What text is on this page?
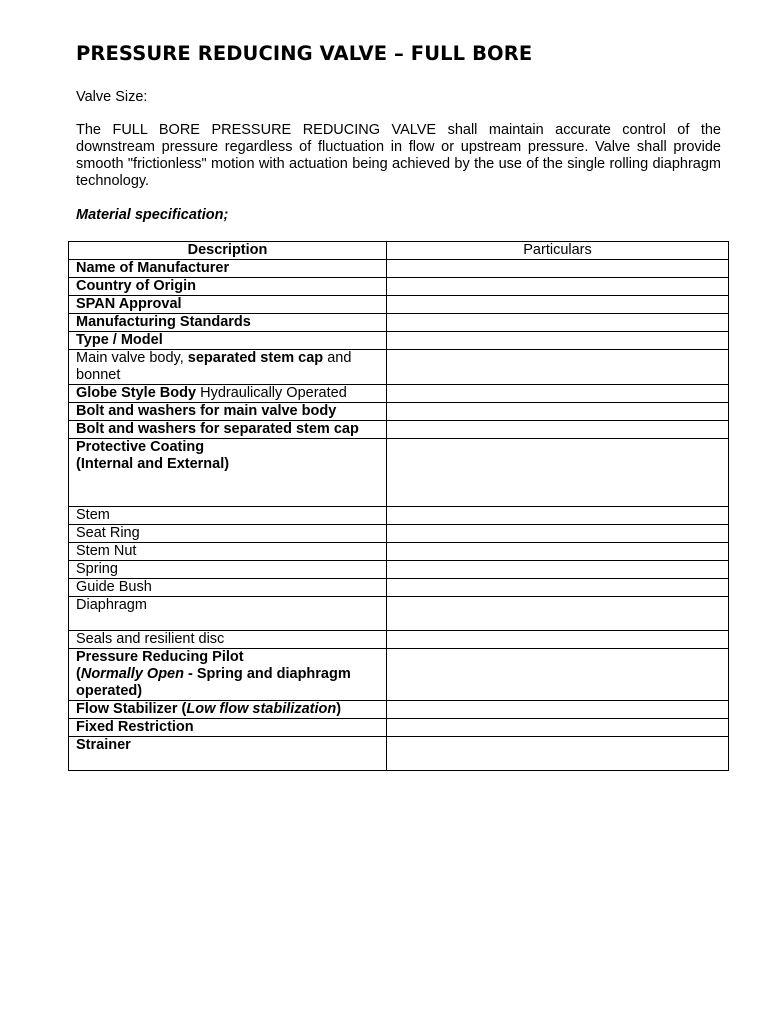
PRESSURE REDUCING VALVE – FULL BORE
Valve Size:

The FULL BORE PRESSURE REDUCING VALVE shall maintain accurate control of the downstream pressure regardless of fluctuation in flow or upstream pressure. Valve shall provide smooth "frictionless" motion with actuation being achieved by the use of the single rolling diaphragm technology.

Material specification;
Description	Particulars
Name of Manufacturer	
Country of Origin	
SPAN Approval	
Manufacturing Standards	
Type / Model	
Main valve body, separated stem cap and bonnet	
Globe Style Body Hydraulically Operated	
Bolt and washers for main valve body	
Bolt and washers for separated stem cap	

Protective Coating
(Internal and External)	

Stem	
Seat Ring	
Stem Nut	
Spring	
Guide Bush	
Diaphragm	
Seals and resilient disc	

Pressure Reducing Pilot
(Normally Open - Spring and diaphragm operated)	

Flow Stabilizer (Low flow stabilization)	
Fixed Restriction	
Strainer	
